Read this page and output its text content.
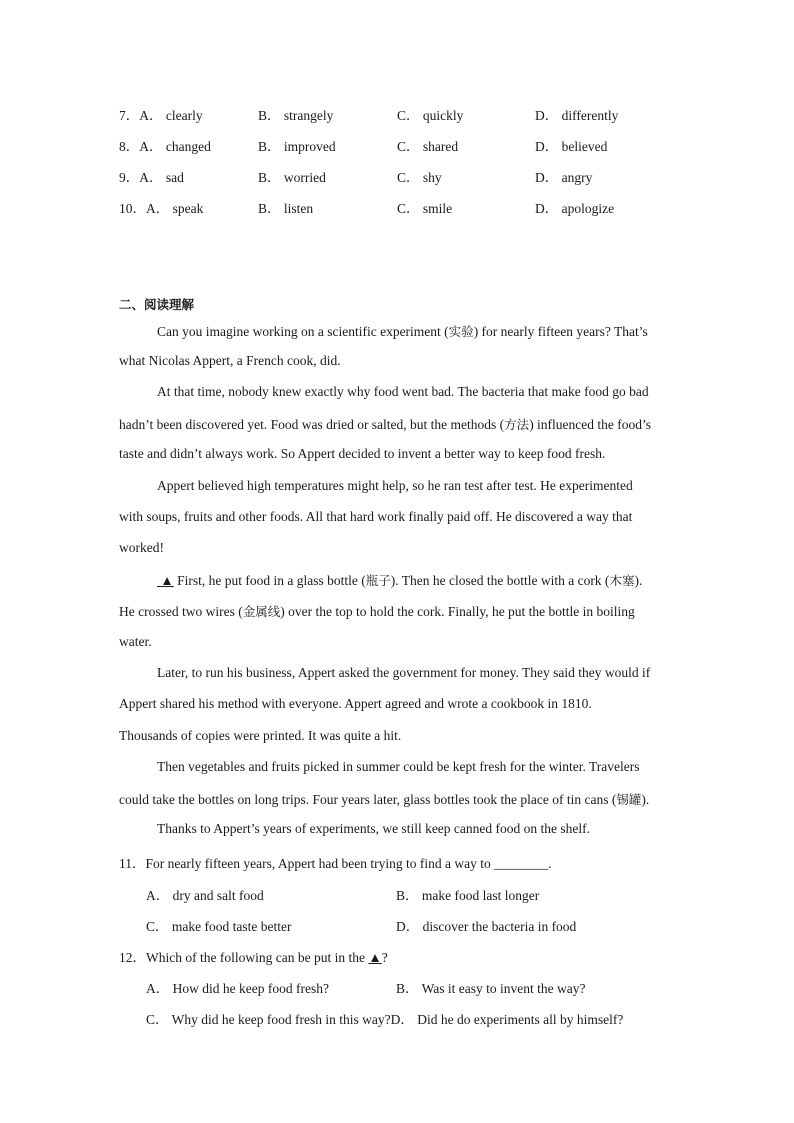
7．A． clearly	B． strangely	C． quickly	D． differently
8．A． changed	B． improved	C． shared	D． believed
9．A． sad	B． worried	C． shy	D． angry
10．A． speak	B． listen	C． smile	D． apologize
二、阅读理解
Can you imagine working on a scientific experiment (实验) for nearly fifteen years? That’s
what Nicolas Appert, a French cook, did.
At that time, nobody knew exactly why food went bad. The bacteria that make food go bad
hadn’t been discovered yet. Food was dried or salted, but the methods (方法) influenced the food’s
taste and didn’t always work. So Appert decided to invent a better way to keep food fresh.
Appert believed high temperatures might help, so he ran test after test. He experimented
with soups, fruits and other foods. All that hard work finally paid off. He discovered a way that
worked!
▲ First, he put food in a glass bottle (瓶子). Then he closed the bottle with a cork (木塞).
He crossed two wires (金属线) over the top to hold the cork. Finally, he put the bottle in boiling
water.
Later, to run his business, Appert asked the government for money. They said they would if
Appert shared his method with everyone. Appert agreed and wrote a cookbook in 1810.
Thousands of copies were printed. It was quite a hit.
Then vegetables and fruits picked in summer could be kept fresh for the winter. Travelers
could take the bottles on long trips. Four years later, glass bottles took the place of tin cans (锡罐).
Thanks to Appert’s years of experiments, we still keep canned food on the shelf.
11．For nearly fifteen years, Appert had been trying to find a way to ________.
A． dry and salt food	B． make food last longer
C． make food taste better	D． discover the bacteria in food
12．Which of the following can be put in the ▲?
A． How did he keep food fresh?	B． Was it easy to invent the way?
C． Why did he keep food fresh in this way?D． Did he do experiments all by himself?
